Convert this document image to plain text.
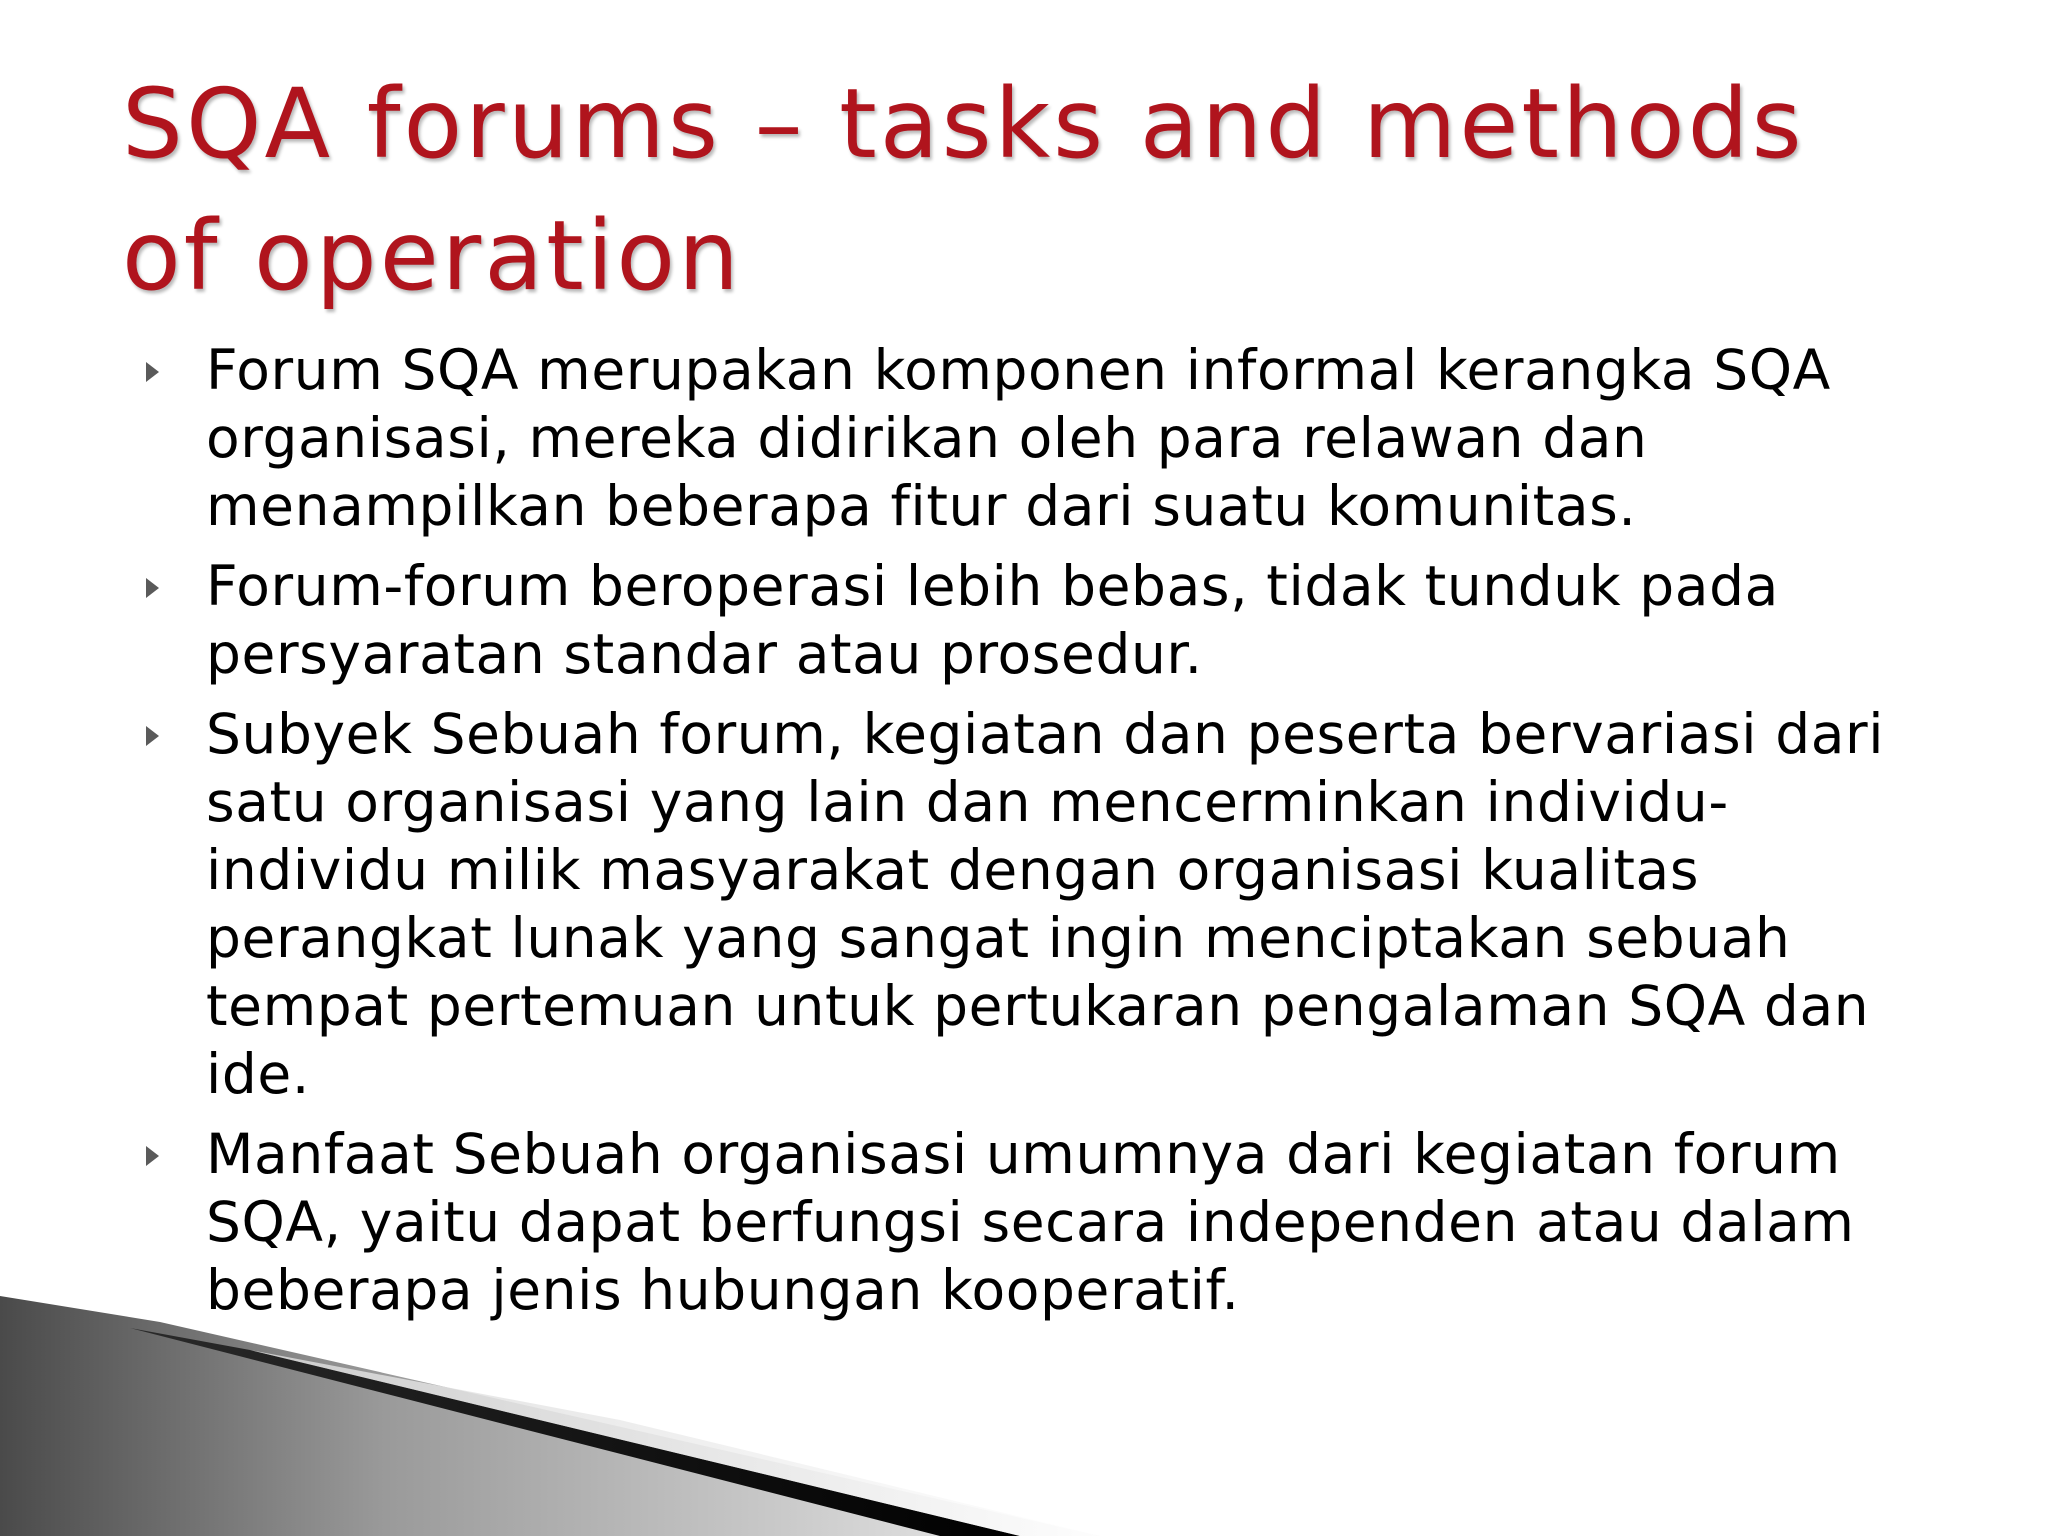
SQA forums – tasks and methods of operation
Forum SQA merupakan komponen informal kerangka SQA organisasi, mereka didirikan oleh para relawan dan menampilkan beberapa fitur dari suatu komunitas.
Forum-forum beroperasi lebih bebas, tidak tunduk pada persyaratan standar atau prosedur.
Subyek Sebuah forum, kegiatan dan peserta bervariasi dari satu organisasi yang lain dan mencerminkan individu-individu milik masyarakat dengan organisasi kualitas perangkat lunak yang sangat ingin menciptakan sebuah tempat pertemuan untuk pertukaran pengalaman SQA dan ide.
Manfaat Sebuah organisasi umumnya dari kegiatan forum SQA, yaitu dapat berfungsi secara independen atau dalam beberapa jenis hubungan kooperatif.
